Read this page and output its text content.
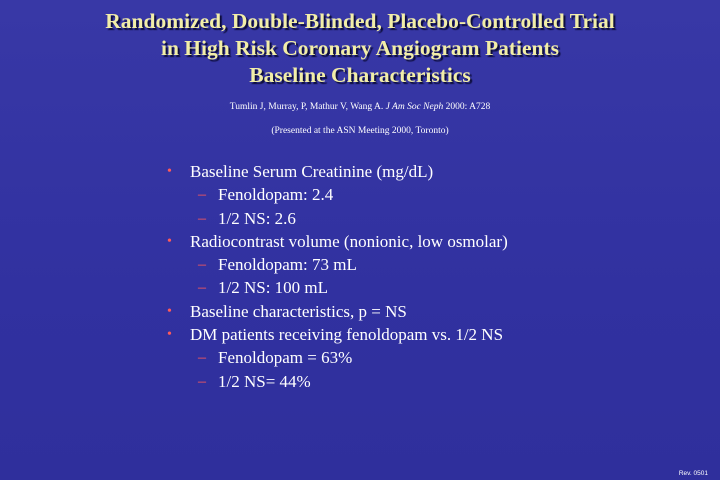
Randomized, Double-Blinded, Placebo-Controlled Trial
in High Risk Coronary Angiogram Patients
Baseline Characteristics
Tumlin J, Murray, P, Mathur V, Wang A. J Am Soc Neph 2000: A728
(Presented at the ASN Meeting 2000, Toronto)
• Baseline Serum Creatinine (mg/dL)
– Fenoldopam: 2.4
– 1/2 NS: 2.6
• Radiocontrast volume (nonionic, low osmolar)
– Fenoldopam: 73 mL
– 1/2 NS: 100 mL
• Baseline characteristics, p = NS
• DM patients receiving fenoldopam vs. 1/2 NS
– Fenoldopam = 63%
– 1/2 NS= 44%
Rev. 0501
